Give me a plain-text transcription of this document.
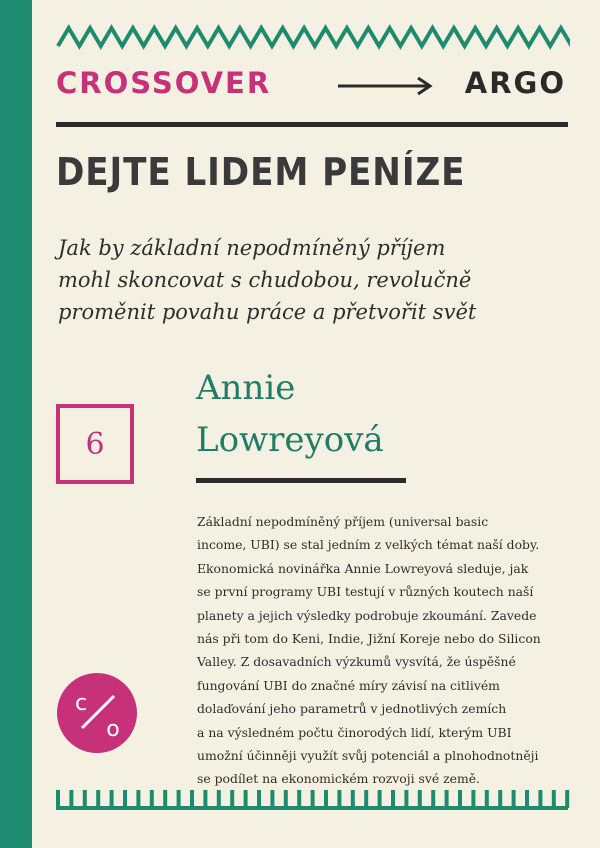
CROSSOVER	ARGO
DEJTE LIDEM PENÍZE
Jak by základní nepodmíněný příjem
mohl skoncovat s chudobou, revolučně
proměnit povahu práce a přetvořit svět
6
Annie
Lowreyová
Základní nepodmíněný příjem (universal basic
income, UBI) se stal jedním z velkých témat naší doby.
Ekonomická novinářka Annie Lowreyová sleduje, jak
se první programy UBI testují v různých koutech naší
planety a jejich výsledky podrobuje zkoumání. Zavede
nás při tom do Keni, Indie, Jižní Koreje nebo do Silicon
Valley. Z dosavadních výzkumů vysvítá, že úspěšné
fungování UBI do značné míry závisí na citlivém
dolaďování jeho parametrů v jednotlivých zemích
a na výsledném počtu činorodých lidí, kterým UBI
umožní účinněji využít svůj potenciál a plnohodnotněji
se podílet na ekonomickém rozvoji své země.
c
o
